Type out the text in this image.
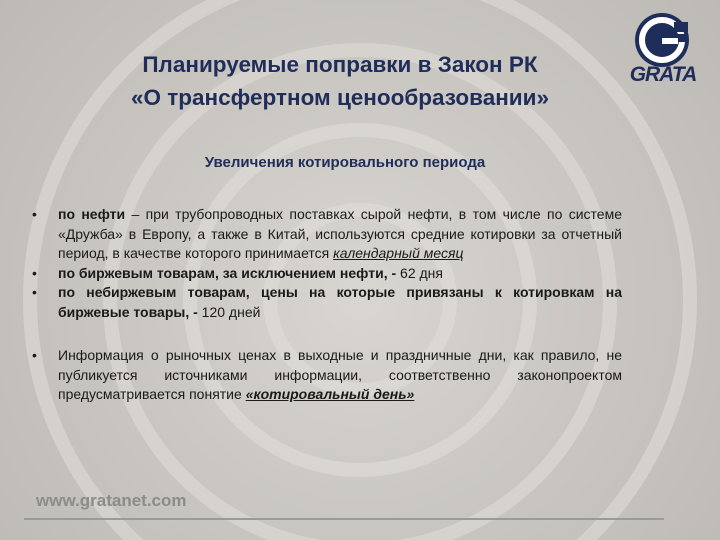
Планируемые поправки в Закон РК
«О трансфертном ценообразовании»
GRATA
Увеличения котировального периода
• по нефти – при трубопроводных поставках сырой нефти, в том числе по системе «Дружба» в Европу, а также в Китай, используются средние котировки за отчетный период, в качестве которого принимается календарный месяц
• по биржевым товарам, за исключением нефти, - 62 дня
• по небиржевым товарам, цены на которые привязаны к котировкам на биржевые товары, - 120 дней
• Информация о рыночных ценах в выходные и праздничные дни, как правило, не публикуется источниками информации, соответственно законопроектом предусматривается понятие «котировальный день»
www.gratanet.com
